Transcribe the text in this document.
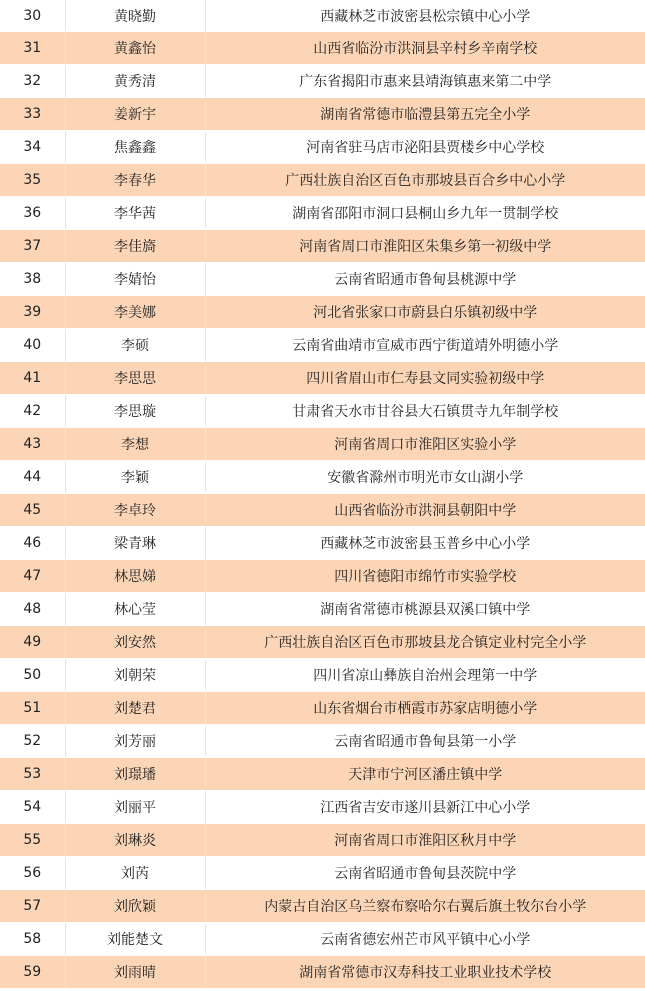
30	黄晓勤	西藏林芝市波密县松宗镇中心小学
31	黄鑫怡	山西省临汾市洪洞县辛村乡辛南学校
32	黄秀清	广东省揭阳市惠来县靖海镇惠来第二中学
33	姜新宇	湖南省常德市临澧县第五完全小学
34	焦鑫鑫	河南省驻马店市泌阳县贾楼乡中心学校
35	李春华	广西壮族自治区百色市那坡县百合乡中心小学
36	李华茜	湖南省邵阳市洞口县桐山乡九年一贯制学校
37	李佳旖	河南省周口市淮阳区朱集乡第一初级中学
38	李婧怡	云南省昭通市鲁甸县桃源中学
39	李美娜	河北省张家口市蔚县白乐镇初级中学
40	李硕	云南省曲靖市宣威市西宁街道靖外明德小学
41	李思思	四川省眉山市仁寿县文同实验初级中学
42	李思璇	甘肃省天水市甘谷县大石镇贯寺九年制学校
43	李想	河南省周口市淮阳区实验小学
44	李颖	安徽省滁州市明光市女山湖小学
45	李卓玲	山西省临汾市洪洞县朝阳中学
46	梁青琳	西藏林芝市波密县玉普乡中心小学
47	林思娣	四川省德阳市绵竹市实验学校
48	林心莹	湖南省常德市桃源县双溪口镇中学
49	刘安然	广西壮族自治区百色市那坡县龙合镇定业村完全小学
50	刘朝荣	四川省凉山彝族自治州会理第一中学
51	刘楚君	山东省烟台市栖霞市苏家店明德小学
52	刘芳丽	云南省昭通市鲁甸县第一小学
53	刘璟璠	天津市宁河区潘庄镇中学
54	刘丽平	江西省吉安市遂川县新江中心小学
55	刘琳炎	河南省周口市淮阳区秋月中学
56	刘芮	云南省昭通市鲁甸县茨院中学
57	刘欣颖	内蒙古自治区乌兰察布察哈尔右翼后旗土牧尔台小学
58	刘能楚文	云南省德宏州芒市风平镇中心小学
59	刘雨晴	湖南省常德市汉寿科技工业职业技术学校
